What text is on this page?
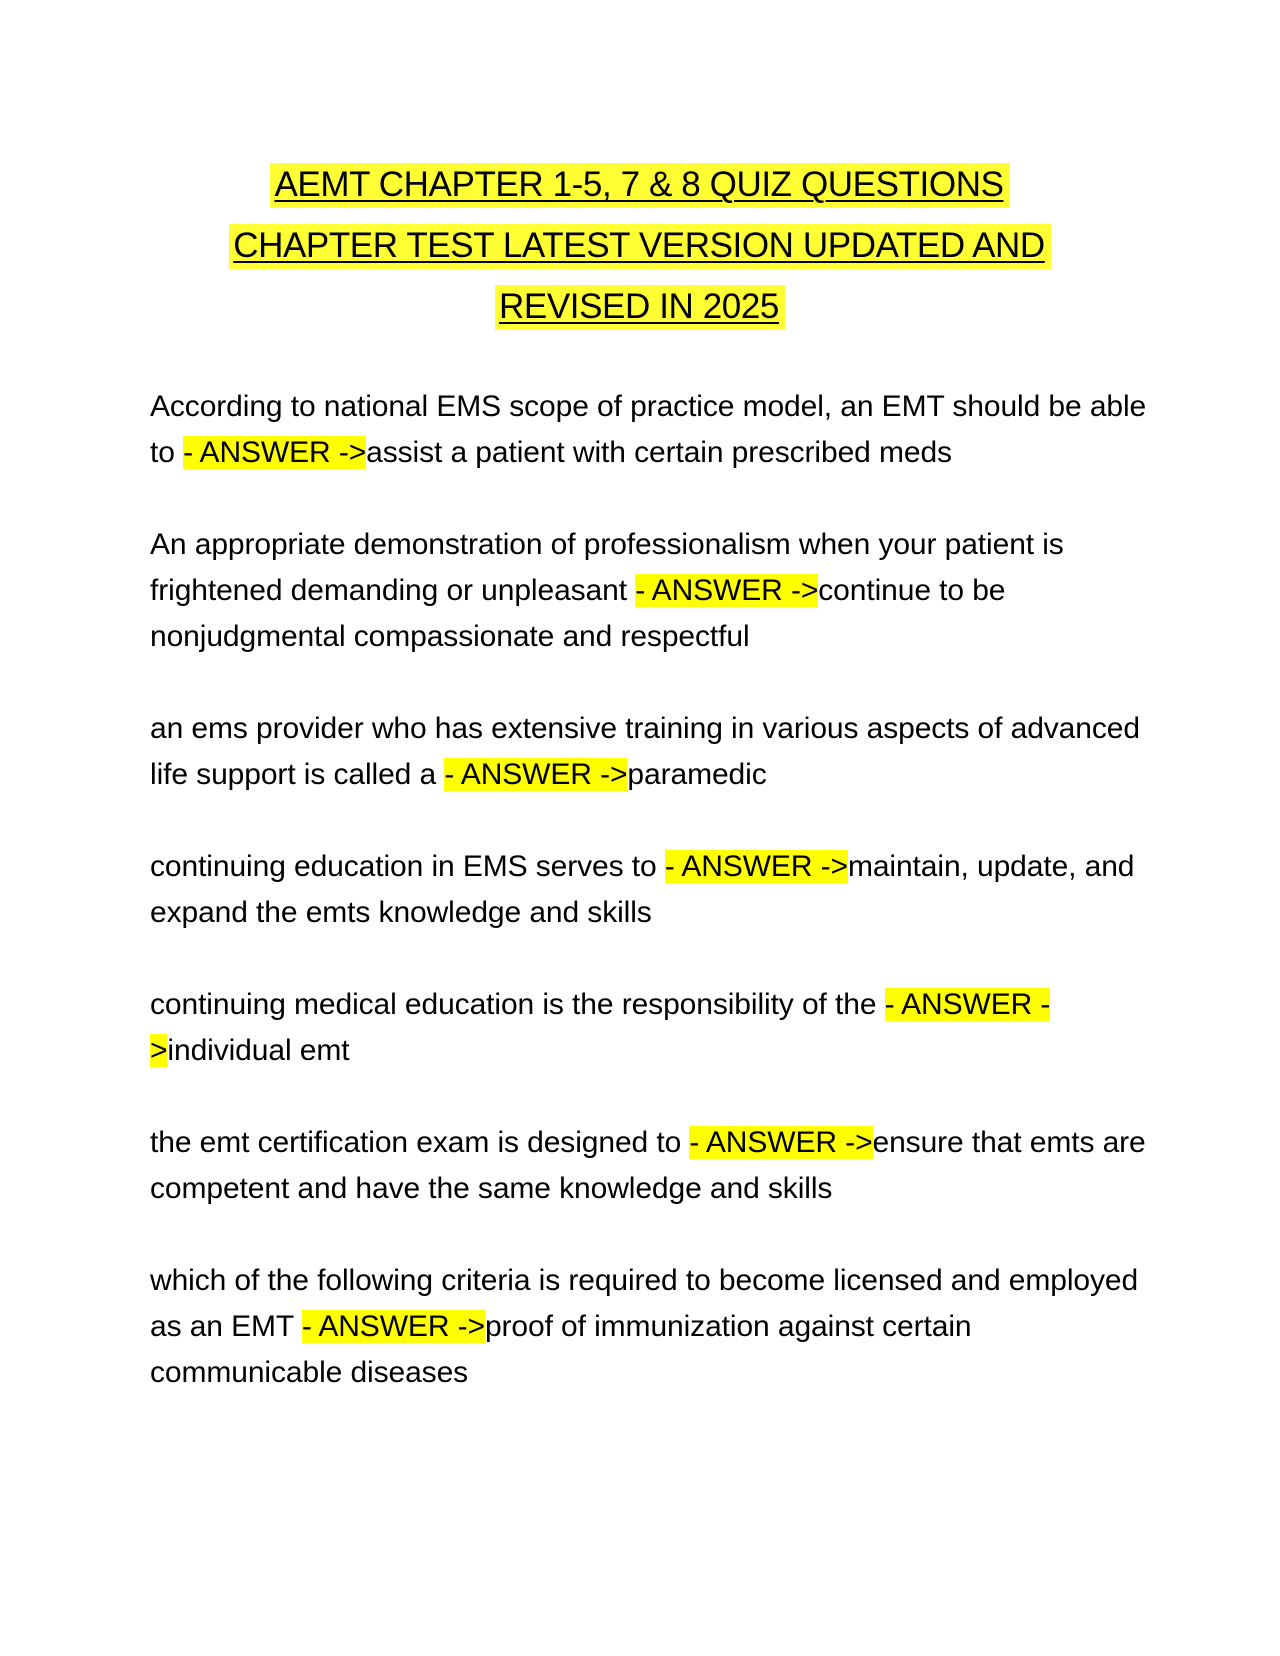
AEMT CHAPTER 1-5, 7 & 8 QUIZ QUESTIONS
CHAPTER TEST LATEST VERSION UPDATED AND
REVISED IN 2025

According to national EMS scope of practice model, an EMT should be able to - ANSWER ->assist a patient with certain prescribed meds

An appropriate demonstration of professionalism when your patient is frightened demanding or unpleasant - ANSWER ->continue to be nonjudgmental compassionate and respectful

an ems provider who has extensive training in various aspects of advanced life support is called a - ANSWER ->paramedic

continuing education in EMS serves to - ANSWER ->maintain, update, and expand the emts knowledge and skills

continuing medical education is the responsibility of the - ANSWER ->individual emt

the emt certification exam is designed to - ANSWER ->ensure that emts are competent and have the same knowledge and skills

which of the following criteria is required to become licensed and employed as an EMT - ANSWER ->proof of immunization against certain communicable diseases
